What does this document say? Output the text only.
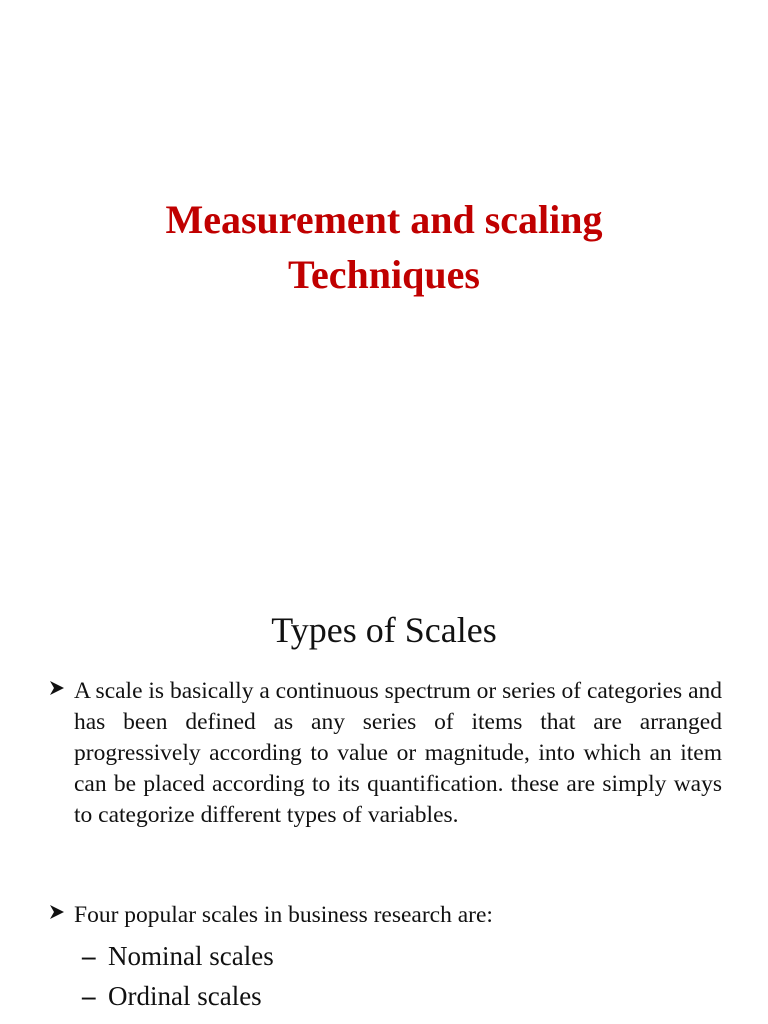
Measurement and scaling
Techniques
Types of Scales
A scale is basically a continuous spectrum or series of categories and has been defined as any series of items that are arranged progressively according to value or magnitude, into which an item can be placed according to its quantification. these are simply ways to categorize different types of variables.
Four popular scales in business research are:
– Nominal scales
– Ordinal scales
